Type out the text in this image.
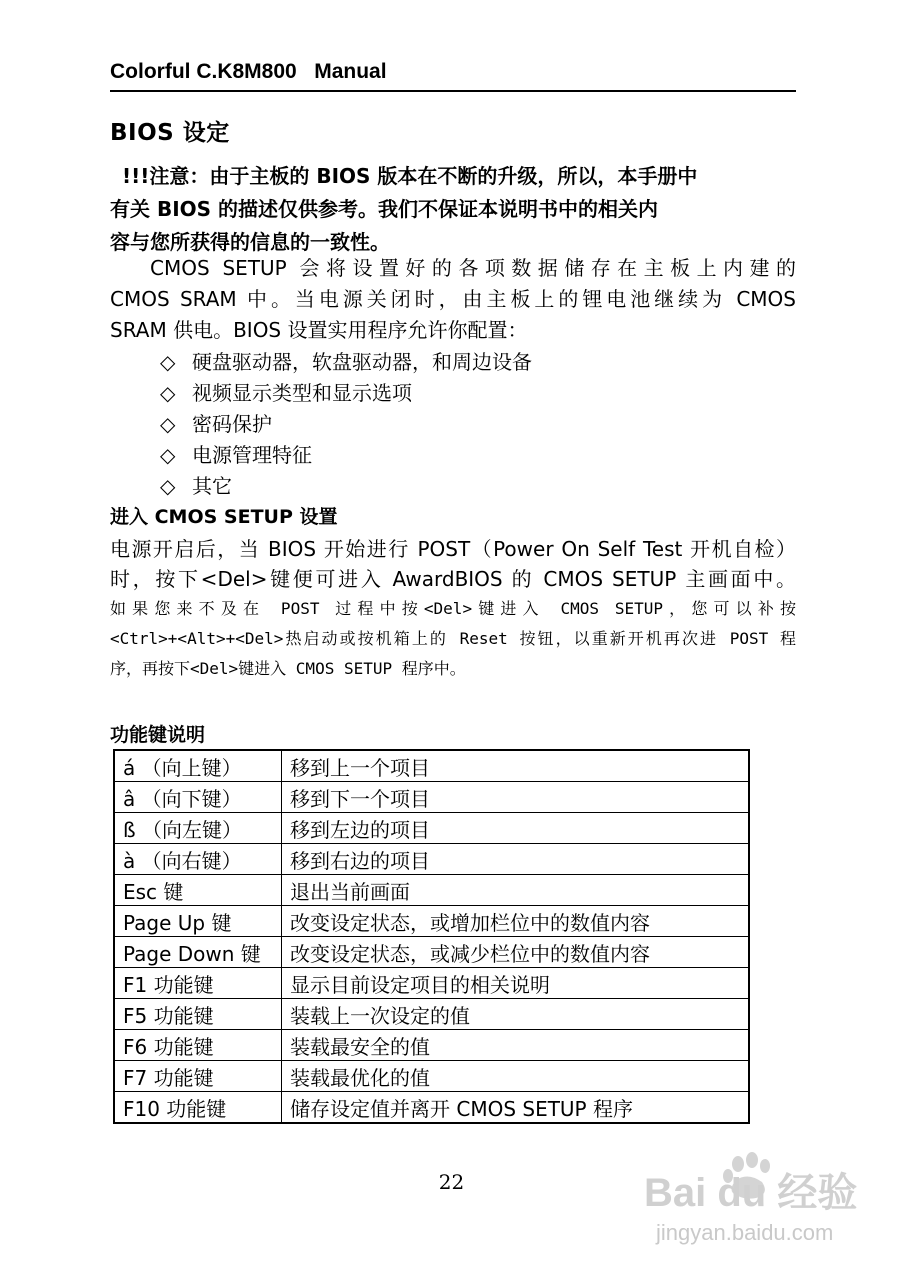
Colorful C.K8M800   Manual
BIOS 设定
!!!注意：由于主板的 BIOS 版本在不断的升级，所以，本手册中
有关 BIOS 的描述仅供参考。我们不保证本说明书中的相关内
容与您所获得的信息的一致性。
CMOS SETUP 会将设置好的各项数据储存在主板上内建的
CMOS SRAM 中。当电源关闭时，由主板上的锂电池继续为 CMOS
SRAM 供电。BIOS 设置实用程序允许你配置：
◇ 硬盘驱动器，软盘驱动器，和周边设备
◇ 视频显示类型和显示选项
◇ 密码保护
◇ 电源管理特征
◇ 其它
进入 CMOS SETUP 设置
电源开启后，当 BIOS 开始进行 POST（Power On Self Test 开机自检）
时，按下<Del>键便可进入 AwardBIOS 的 CMOS SETUP 主画面中。
如果您来不及在 POST 过程中按<Del>键进入 CMOS SETUP，您可以补按
<Ctrl>+<Alt>+<Del>热启动或按机箱上的 Reset 按钮，以重新开机再次进 POST 程
序，再按下<Del>键进入 CMOS SETUP 程序中。
功能键说明
á （向上键）	移到上一个项目
â （向下键）	移到下一个项目
ß （向左键）	移到左边的项目
à （向右键）	移到右边的项目
Esc 键	退出当前画面
Page Up 键	改变设定状态，或增加栏位中的数值内容
Page Down 键	改变设定状态，或减少栏位中的数值内容
F1 功能键	显示目前设定项目的相关说明
F5 功能键	装载上一次设定的值
F6 功能键	装载最安全的值
F7 功能键	装载最优化的值
F10 功能键	储存设定值并离开 CMOS SETUP 程序
22	Bai du 经验
jingyan.baidu.com
